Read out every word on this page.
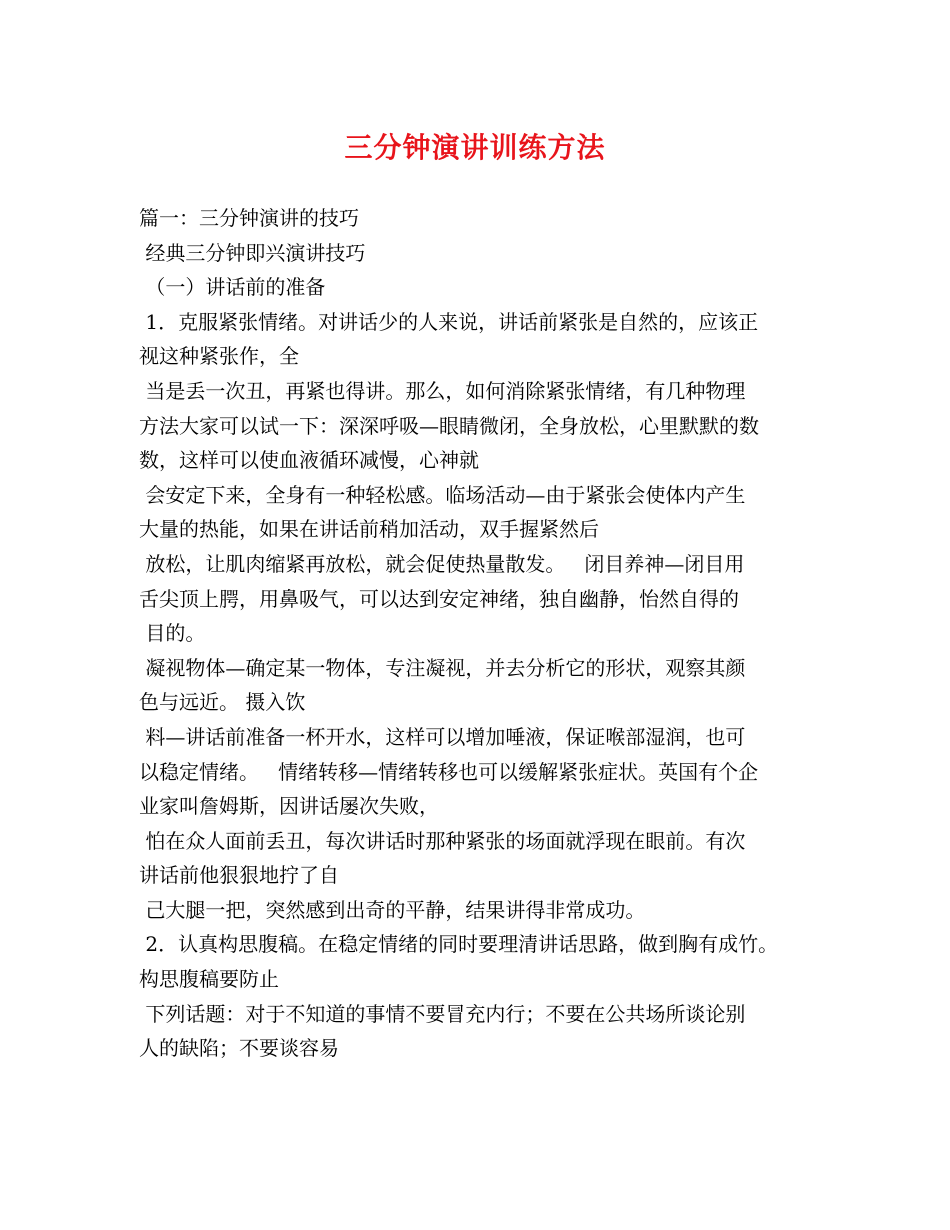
三分钟演讲训练方法
篇一：三分钟演讲的技巧
经典三分钟即兴演讲技巧
（一）讲话前的准备
1．克服紧张情绪。对讲话少的人来说，讲话前紧张是自然的，应该正
视这种紧张作，全
当是丢一次丑，再紧也得讲。那么，如何消除紧张情绪，有几种物理
方法大家可以试一下：深深呼吸—眼睛微闭，全身放松，心里默默的数
数，这样可以使血液循环减慢，心神就
会安定下来，全身有一种轻松感。临场活动—由于紧张会使体内产生
大量的热能，如果在讲话前稍加活动，双手握紧然后
放松，让肌肉缩紧再放松，就会促使热量散发。   闭目养神—闭目用
舌尖顶上腭，用鼻吸气，可以达到安定神绪，独自幽静，怡然自得的
目的。
凝视物体—确定某一物体，专注凝视，并去分析它的形状，观察其颜
色与远近。 摄入饮
料—讲话前准备一杯开水，这样可以增加唾液，保证喉部湿润，也可
以稳定情绪。   情绪转移—情绪转移也可以缓解紧张症状。英国有个企
业家叫詹姆斯，因讲话屡次失败，
怕在众人面前丢丑，每次讲话时那种紧张的场面就浮现在眼前。有次
讲话前他狠狠地拧了自
己大腿一把，突然感到出奇的平静，结果讲得非常成功。
2．认真构思腹稿。在稳定情绪的同时要理清讲话思路，做到胸有成竹。
构思腹稿要防止
下列话题：对于不知道的事情不要冒充内行；不要在公共场所谈论别
人的缺陷；不要谈容易
